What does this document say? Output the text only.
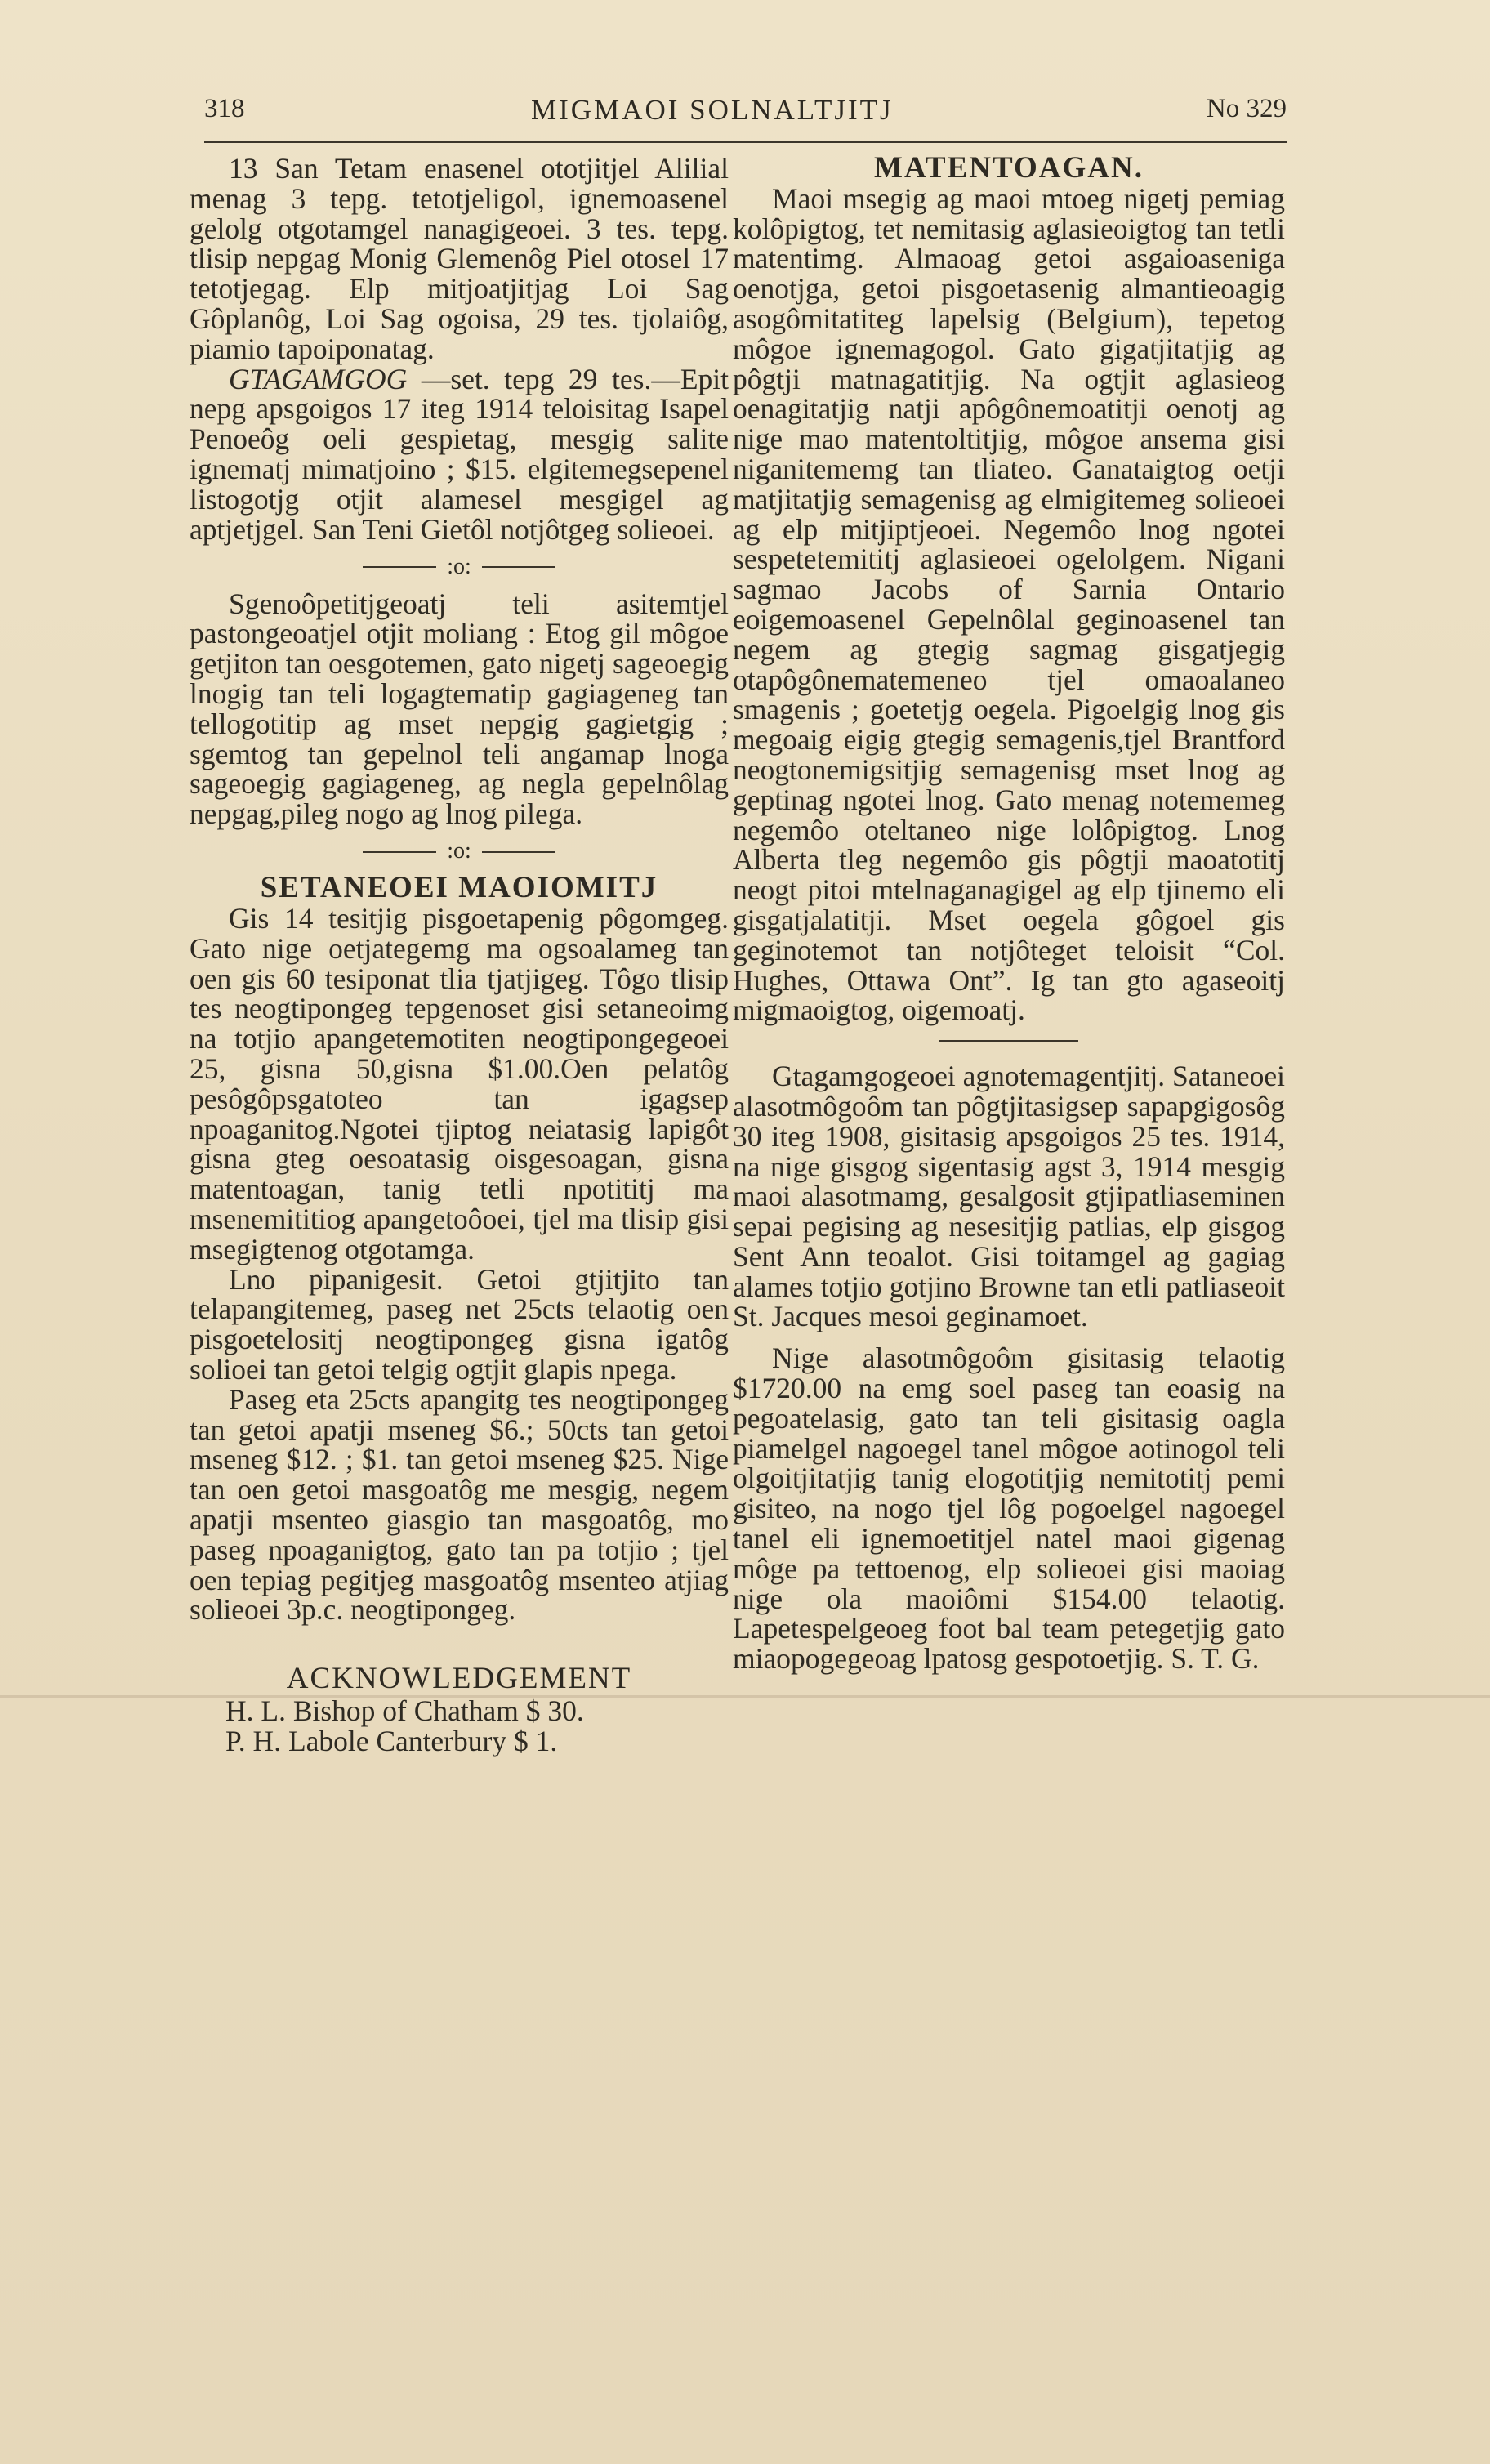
318	MIGMAOI SOLNALTJITJ	No 329

13 San Tetam enasenel ototjitjel Alilial menag 3 tepg. tetotjeligol, ignemoasenel gelolg otgotamgel nanagigeoei. 3 tes. tepg. tlisip nepgag Monig Glemenôg Piel otosel 17 tetotjegag. Elp mitjoatjitjag Loi Sag Gôplanôg, Loi Sag ogoisa, 29 tes. tjolaiôg, piamio tapoiponatag.

GTAGAMGOG —set. tepg 29 tes.—Epit nepg apsgoigos 17 iteg 1914 teloisitag Isapel Penoeôg oeli gespietag, mesgig salite ignematj mimatjoino ; $15. elgitemegsepenel listogotjg otjit alamesel mesgigel ag aptjetjgel. San Teni Gietôl notjôtgeg solieoei.

:o:

Sgenoôpetitjgeoatj teli asitemtjel pastongeoatjel otjit moliang : Etog gil môgoe getjiton tan oesgotemen, gato nigetj sageoegig lnogig tan teli logagtematip gagiageneg tan tellogotitip ag mset nepgig gagietgig ; sgemtog tan gepelnol teli angamap lnoga sageoegig gagiageneg, ag negla gepelnôlag nepgag,pileg nogo ag lnog pilega.

:o:
SETANEOEI MAOIOMITJ

Gis 14 tesitjig pisgoetapenig pôgomgeg. Gato nige oetjategemg ma ogsoalameg tan oen gis 60 tesiponat tlia tjatjigeg. Tôgo tlisip tes neogtipongeg tepgenoset gisi setaneoimg na totjio apangetemotiten neogtipongegeoei 25, gisna 50,gisna $1.00.Oen pelatôg pesôgôpsgatoteo tan igagsep npoaganitog.Ngotei tjiptog neiatasig lapigôt gisna gteg oesoatasig oisgesoagan, gisna matentoagan, tanig tetli npotititj ma msenemititiog apangetoôoei, tjel ma tlisip gisi msegigtenog otgotamga.

Lno pipanigesit. Getoi gtjitjito tan telapangitemeg, paseg net 25cts telaotig oen pisgoetelositj neogtipongeg gisna igatôg solioei tan getoi telgig ogtjit glapis npega.

Paseg eta 25cts apangitg tes neogtipongeg tan getoi apatji mseneg $6.; 50cts tan getoi mseneg $12. ; $1. tan getoi mseneg $25. Nige tan oen getoi masgoatôg me mesgig, negem apatji msenteo giasgio tan masgoatôg, mo paseg npoaganigtog, gato tan pa totjio ; tjel oen tepiag pegitjeg masgoatôg msenteo atjiag solieoei 3p.c. neogtipongeg.

ACKNOWLEDGEMENT

H. L. Bishop of Chatham $ 30.

P. H. Labole Canterbury $ 1.

MATENTOAGAN.

Maoi msegig ag maoi mtoeg nigetj pemiag kolôpigtog, tet nemitasig aglasieoigtog tan tetli matentimg. Almaoag getoi asgaioaseniga oenotjga, getoi pisgoetasenig almantieoagig asogômitatiteg lapelsig (Belgium), tepetog môgoe ignemagogol. Gato gigatjitatjig ag pôgtji matnagatitjig. Na ogtjit aglasieog oenagitatjig natji apôgônemoatitji oenotj ag nige mao matentoltitjig, môgoe ansema gisi niganitememg tan tliateo. Ganataigtog oetji matjitatjig semagenisg ag elmigitemeg solieoei ag elp mitjiptjeoei. Negemôo lnog ngotei sespetetemititj aglasieoei ogelolgem. Nigani sagmao Jacobs of Sarnia Ontario eoigemoasenel Gepelnôlal geginoasenel tan negem ag gtegig sagmag gisgatjegig otapôgônematemeneo tjel omaoalaneo smagenis ; goetetjg oegela. Pigoelgig lnog gis megoaig eigig gtegig semagenis,tjel Brantford neogtonemigsitjig semagenisg mset lnog ag geptinag ngotei lnog. Gato menag notememeg negemôo oteltaneo nige lolôpigtog. Lnog Alberta tleg negemôo gis pôgtji maoatotitj neogt pitoi mtelnaganagigel ag elp tjinemo eli gisgatjalatitji. Mset oegela gôgoel gis geginotemot tan notjôteget teloisit “Col. Hughes, Ottawa Ont”. Ig tan gto agaseoitj migmaoigtog, oigemoatj.

Gtagamgogeoei agnotemagentjitj. Sataneoei alasotmôgoôm tan pôgtjitasigsep sapapgigosôg 30 iteg 1908, gisitasig apsgoigos 25 tes. 1914, na nige gisgog sigentasig agst 3, 1914 mesgig maoi alasotmamg, gesalgosit gtjipatliaseminen sepai pegising ag nesesitjig patlias, elp gisgog Sent Ann teoalot. Gisi toitamgel ag gagiag alames totjio gotjino Browne tan etli patliaseoit St. Jacques mesoi geginamoet.

Nige alasotmôgoôm gisitasig telaotig $1720.00 na emg soel paseg tan eoasig na pegoatelasig, gato tan teli gisitasig oagla piamelgel nagoegel tanel môgoe aotinogol teli olgoitjitatjig tanig elogotitjig nemitotitj pemi gisiteo, na nogo tjel lôg pogoelgel nagoegel tanel eli ignemoetitjel natel maoi gigenag môge pa tettoenog, elp solieoei gisi maoiag nige ola maoiômi $154.00 telaotig. Lapetespelgeoeg foot bal team petegetjig gato miaopogegeoag lpatosg gespotoetjig. S. T. G.
